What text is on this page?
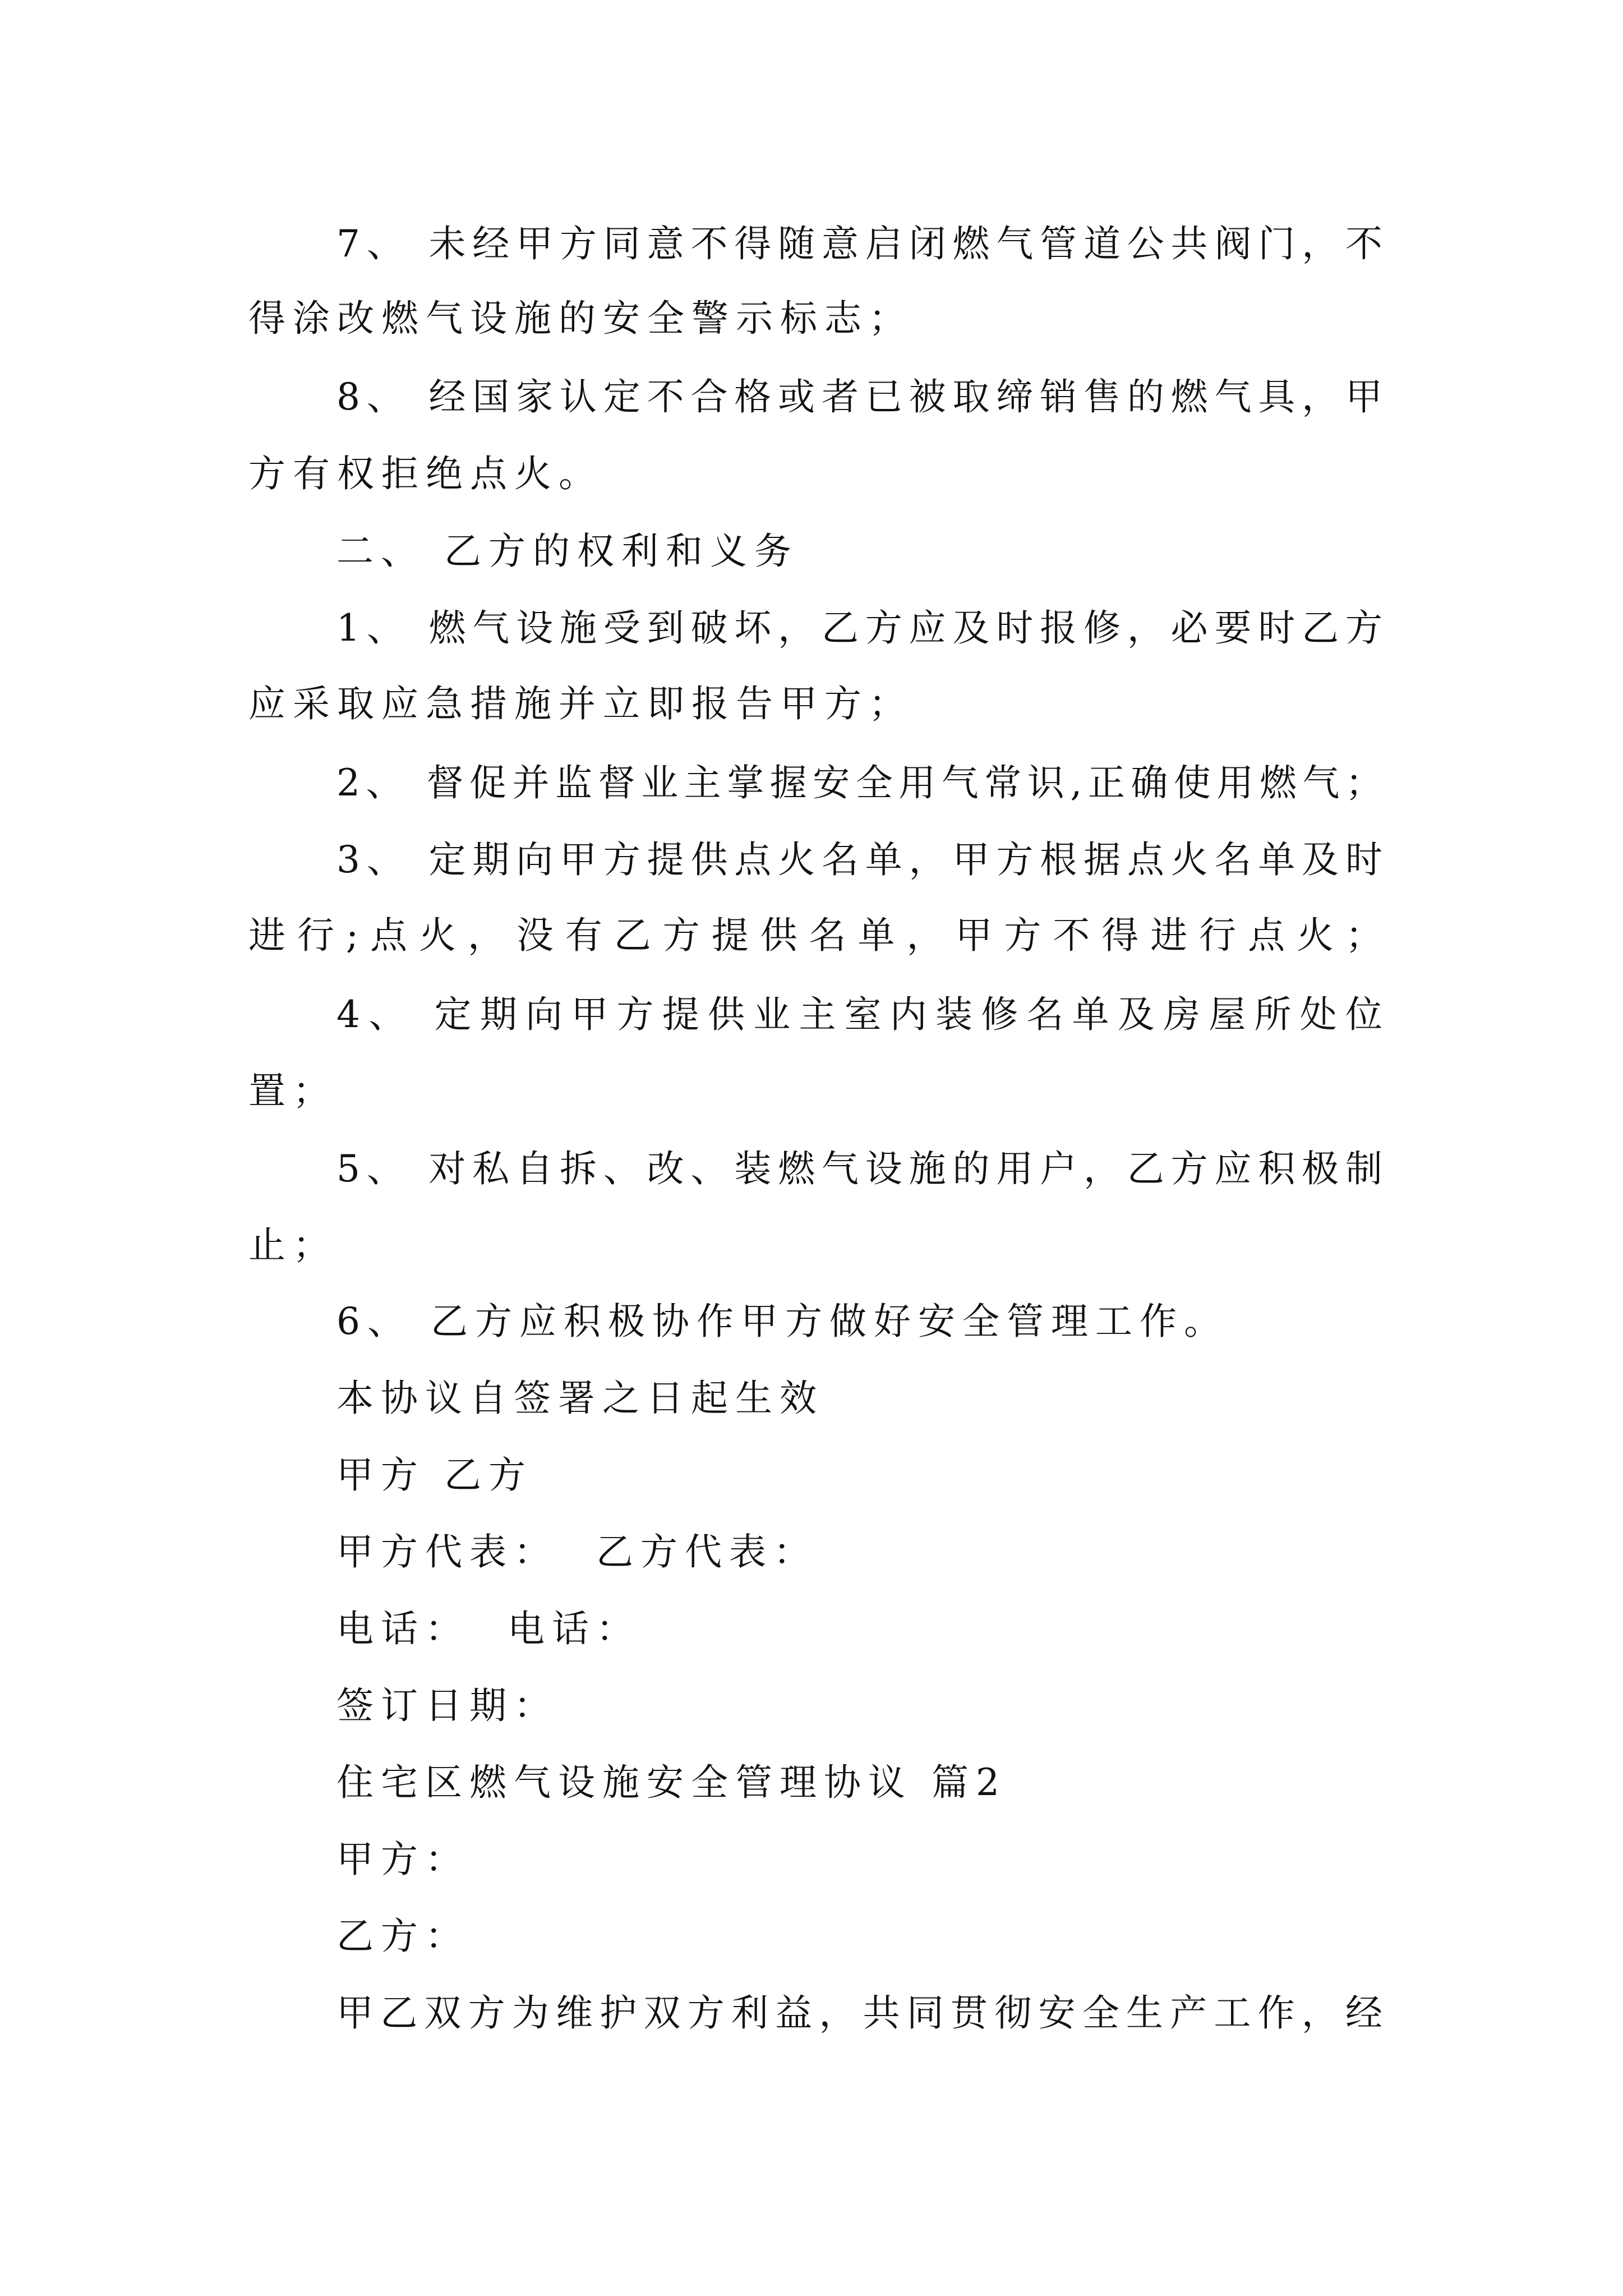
7、 未经甲方同意不得随意启闭燃气管道公共阀门，不
得涂改燃气设施的安全警示标志；
8、 经国家认定不合格或者已被取缔销售的燃气具，甲
方有权拒绝点火。
二、 乙方的权利和义务
1、 燃气设施受到破坏，乙方应及时报修，必要时乙方
应采取应急措施并立即报告甲方；
2、 督促并监督业主掌握安全用气常识,正确使用燃气；
3、 定期向甲方提供点火名单，甲方根据点火名单及时
进行;点火，没有乙方提供名单，甲方不得进行点火；
4、 定期向甲方提供业主室内装修名单及房屋所处位
置；
5、 对私自拆、改、装燃气设施的用户，乙方应积极制
止；
6、 乙方应积极协作甲方做好安全管理工作。
本协议自签署之日起生效
甲方 乙方
甲方代表：  乙方代表：
电话：  电话：
签订日期：
住宅区燃气设施安全管理协议 篇2
甲方：
乙方：
甲乙双方为维护双方利益，共同贯彻安全生产工作，经
